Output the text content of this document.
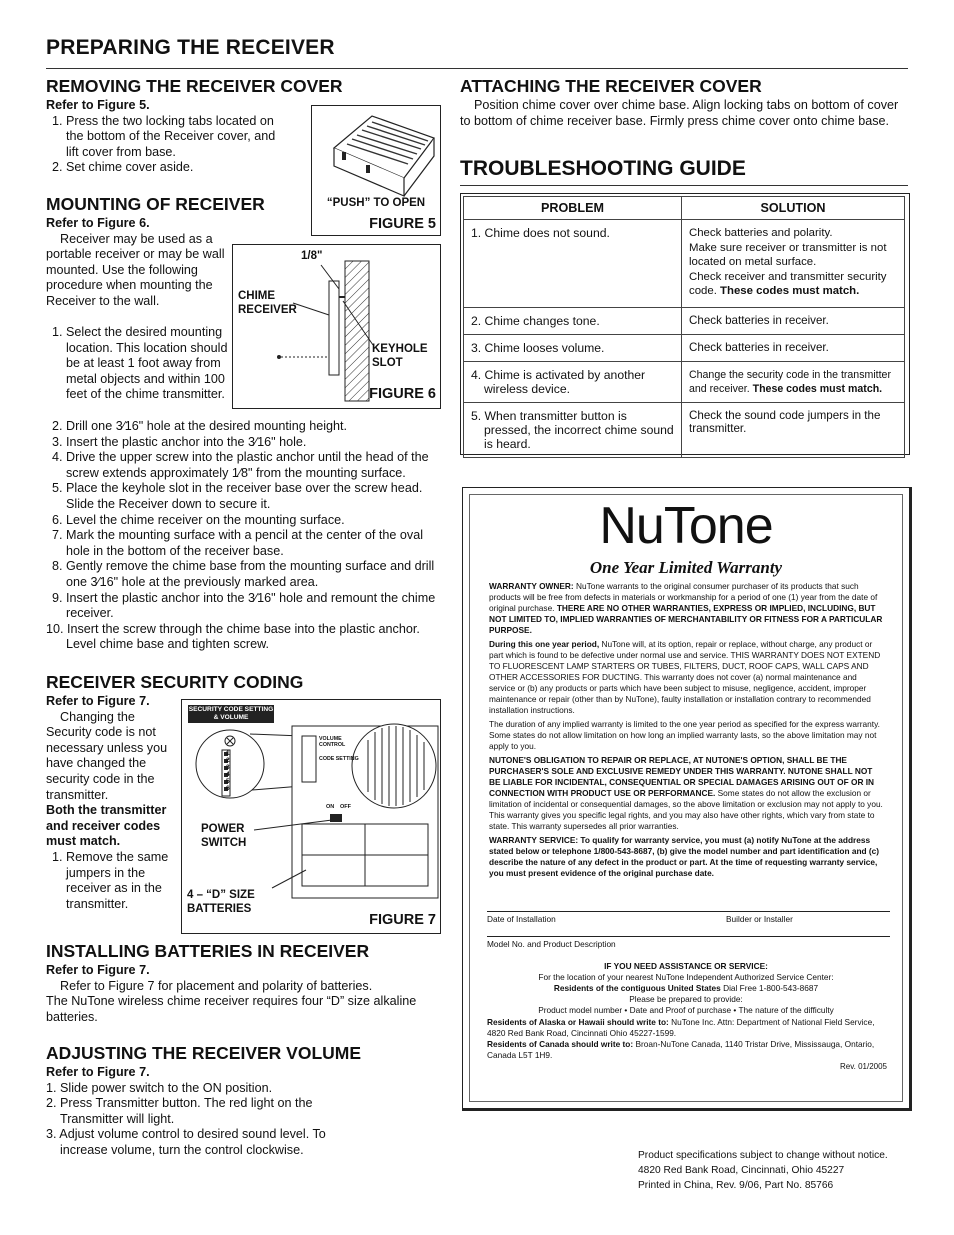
PREPARING THE RECEIVER
REMOVING THE RECEIVER COVER

Refer to Figure 5.

1. Press the two locking tabs located on the bottom of the Receiver cover, and lift cover from base.

2. Set chime cover aside.

“PUSH” TO OPEN
FIGURE 5
MOUNTING OF RECEIVER

Refer to Figure 6.

Receiver may be used as a portable receiver or may be wall mounted. Use the following procedure when mounting the Receiver to the wall.

1. Select the desired mounting location. This location should be at least 1 foot away from metal objects and within 100 feet of the chime transmitter.

2. Drill one 3⁄16" hole at the desired mounting height.

3. Insert the plastic anchor into the 3⁄16" hole.

4. Drive the upper screw into the plastic anchor until the head of the screw extends approximately 1⁄8" from the mounting surface.

5. Place the keyhole slot in the receiver base over the screw head. Slide the Receiver down to secure it.

6. Level the chime receiver on the mounting surface.

7. Mark the mounting surface with a pencil at the center of the oval hole in the bottom of the receiver base.

8. Gently remove the chime base from the mounting surface and drill one 3⁄16" hole at the previously marked area.

9. Insert the plastic anchor into the 3⁄16" hole and remount the chime receiver.

10. Insert the screw through the chime base into the plastic anchor. Level chime base and tighten screw.

1/8"
CHIME RECEIVER
KEYHOLE SLOT
FIGURE 6
RECEIVER SECURITY CODING

Refer to Figure 7.

Changing the Security code is not necessary unless you have changed the security code in the transmitter.

Both the transmitter and receiver codes must match.

1. Remove the same jumpers in the receiver as in the transmitter.

SECURITY CODE SETTING & VOLUME
1 2 3 4 5 6
VOLUME CONTROL
CODE SETTING
ON OFF
POWER SWITCH
4 – “D” SIZE BATTERIES
FIGURE 7
INSTALLING BATTERIES IN RECEIVER

Refer to Figure 7.

Refer to Figure 7 for placement and polarity of batteries.

The NuTone wireless chime receiver requires four “D” size alkaline batteries.

ADJUSTING THE RECEIVER VOLUME

Refer to Figure 7.

1. Slide power switch to the ON position.

2. Press Transmitter button. The red light on the Transmitter will light.

3. Adjust volume control to desired sound level. To increase volume, turn the control clockwise.

ATTACHING THE RECEIVER COVER
Position chime cover over chime base. Align locking tabs on bottom of cover to bottom of chime receiver base. Firmly press chime cover onto chime base.
TROUBLESHOOTING GUIDE
PROBLEM	SOLUTION
1. Chime does not sound.	Check batteries and polarity.
Make sure receiver or transmitter is not located on metal surface.
Check receiver and transmitter security code. These codes must match.
2. Chime changes tone.	Check batteries in receiver.
3. Chime looses volume.	Check batteries in receiver.
4. Chime is activated by another wireless device.	Change the security code in the transmitter and receiver. These codes must match.
5. When transmitter button is pressed, the incorrect chime sound is heard.	Check the sound code jumpers in the transmitter.
NuTone
One Year Limited Warranty

WARRANTY OWNER: NuTone warrants to the original consumer purchaser of its products that such products will be free from defects in materials or workmanship for a period of one (1) year from the date of original purchase. THERE ARE NO OTHER WARRANTIES, EXPRESS OR IMPLIED, INCLUDING, BUT NOT LIMITED TO, IMPLIED WARRANTIES OF MERCHANTABILITY OR FITNESS FOR A PARTICULAR PURPOSE.

During this one year period, NuTone will, at its option, repair or replace, without charge, any product or part which is found to be defective under normal use and service. THIS WARRANTY DOES NOT EXTEND TO FLUORESCENT LAMP STARTERS OR TUBES, FILTERS, DUCT, ROOF CAPS, WALL CAPS AND OTHER ACCESSORIES FOR DUCTING. This warranty does not cover (a) normal maintenance and service or (b) any products or parts which have been subject to misuse, negligence, accident, improper maintenance or repair (other than by NuTone), faulty installation or installation contrary to recommended installation instructions.

The duration of any implied warranty is limited to the one year period as specified for the express warranty. Some states do not allow limitation on how long an implied warranty lasts, so the above limitation may not apply to you.

NUTONE'S OBLIGATION TO REPAIR OR REPLACE, AT NUTONE'S OPTION, SHALL BE THE PURCHASER'S SOLE AND EXCLUSIVE REMEDY UNDER THIS WARRANTY. NUTONE SHALL NOT BE LIABLE FOR INCIDENTAL, CONSEQUENTIAL OR SPECIAL DAMAGES ARISING OUT OF OR IN CONNECTION WITH PRODUCT USE OR PERFORMANCE. Some states do not allow the exclusion or limitation of incidental or consequential damages, so the above limitation or exclusion may not apply to you. This warranty gives you specific legal rights, and you may also have other rights, which vary from state to state. This warranty supersedes all prior warranties.

WARRANTY SERVICE: To qualify for warranty service, you must (a) notify NuTone at the address stated below or telephone 1/800-543-8687, (b) give the model number and part identification and (c) describe the nature of any defect in the product or part. At the time of requesting warranty service, you must present evidence of the original purchase date.

Date of Installation	Builder or Installer
Model No. and Product Description
IF YOU NEED ASSISTANCE OR SERVICE:
For the location of your nearest NuTone Independent Authorized Service Center:
Residents of the contiguous United States Dial Free 1-800-543-8687
Please be prepared to provide:
Product model number • Date and Proof of purchase • The nature of the difficulty
Residents of Alaska or Hawaii should write to: NuTone Inc. Attn: Department of National Field Service, 4820 Red Bank Road, Cincinnati Ohio 45227-1599.
Residents of Canada should write to: Broan-NuTone Canada, 1140 Tristar Drive, Mississauga, Ontario, Canada L5T 1H9.
Rev. 01/2005
Product specifications subject to change without notice.
4820 Red Bank Road, Cincinnati, Ohio 45227
Printed in China, Rev. 9/06, Part No. 85766
